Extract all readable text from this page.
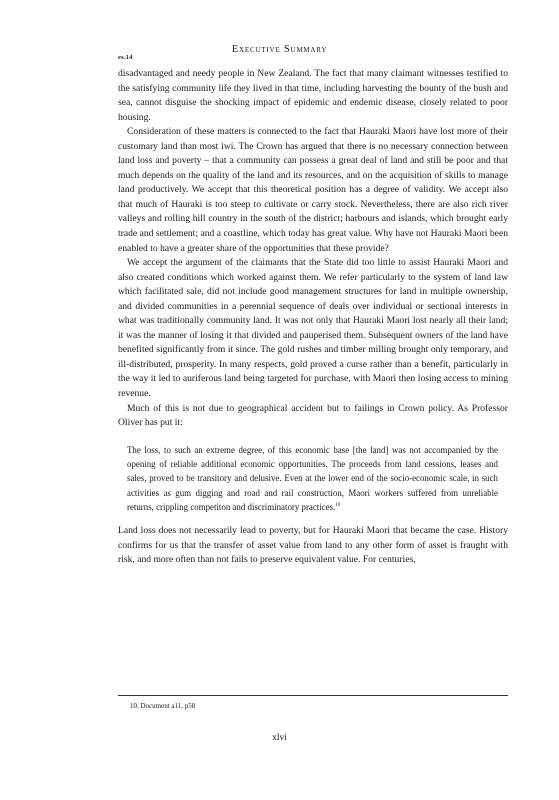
es.14
Executive Summary

disadvantaged and needy people in New Zealand. The fact that many claimant witnesses testified to the satisfying community life they lived in that time, including harvesting the bounty of the bush and sea, cannot disguise the shocking impact of epidemic and endemic disease, closely related to poor housing.

Consideration of these matters is connected to the fact that Hauraki Maori have lost more of their customary land than most iwi. The Crown has argued that there is no necessary connection between land loss and poverty – that a community can possess a great deal of land and still be poor and that much depends on the quality of the land and its resources, and on the acquisition of skills to manage land productively. We accept that this theoretical position has a degree of validity. We accept also that much of Hauraki is too steep to cultivate or carry stock. Nevertheless, there are also rich river valleys and rolling hill country in the south of the district; harbours and islands, which brought early trade and settlement; and a coastline, which today has great value. Why have not Hauraki Maori been enabled to have a greater share of the opportunities that these provide?

We accept the argument of the claimants that the State did too little to assist Hauraki Maori and also created conditions which worked against them. We refer particularly to the system of land law which facilitated sale, did not include good management structures for land in multiple ownership, and divided communities in a perennial sequence of deals over individual or sectional interests in what was traditionally community land. It was not only that Hauraki Maori lost nearly all their land; it was the manner of losing it that divided and pauperised them. Subsequent owners of the land have benefited significantly from it since. The gold rushes and timber milling brought only temporary, and ill-distributed, prosperity. In many respects, gold proved a curse rather than a benefit, particularly in the way it led to auriferous land being targeted for purchase, with Maori then losing access to mining revenue.

Much of this is not due to geographical accident but to failings in Crown policy. As Professor Oliver has put it:

The loss, to such an extreme degree, of this economic base [the land] was not accompanied by the opening of reliable additional economic opportunities. The proceeds from land cessions, leases and sales, proved to be transitory and delusive. Even at the lower end of the socio-economic scale, in such activities as gum digging and road and rail construction, Maori workers suffered from unreliable returns, crippling competiton and discriminatory practices.$^{10}$

Land loss does not necessarily lead to poverty, but for Hauraki Maori that became the case. History confirms for us that the transfer of asset value from land to any other form of asset is fraught with risk, and more often than not fails to preserve equivalent value. For centuries,

10. Document a11, p58
xlvi
